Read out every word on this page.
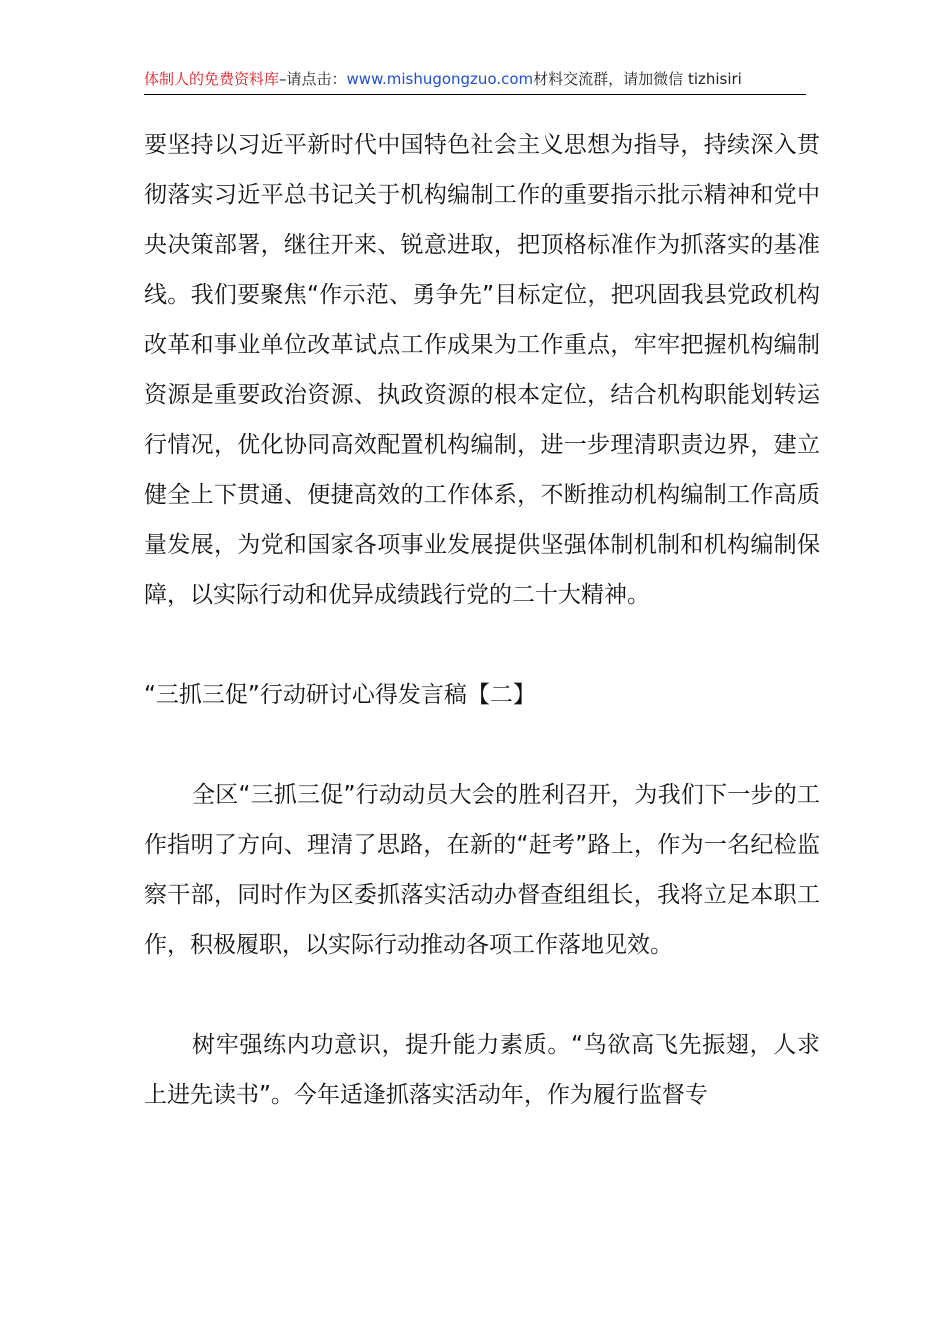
体制人的免费资料库–请点击：www.mishugongzuo.com材料交流群，请加微信 tizhisiri

要坚持以习近平新时代中国特色社会主义思想为指导，持续深入贯彻落实习近平总书记关于机构编制工作的重要指示批示精神和党中央决策部署，继往开来、锐意进取，把顶格标准作为抓落实的基准线。我们要聚焦“作示范、勇争先”目标定位，把巩固我县党政机构改革和事业单位改革试点工作成果为工作重点，牢牢把握机构编制资源是重要政治资源、执政资源的根本定位，结合机构职能划转运行情况，优化协同高效配置机构编制，进一步理清职责边界，建立健全上下贯通、便捷高效的工作体系，不断推动机构编制工作高质量发展，为党和国家各项事业发展提供坚强体制机制和机构编制保障，以实际行动和优异成绩践行党的二十大精神。

“三抓三促”行动研讨心得发言稿【二】

全区“三抓三促”行动动员大会的胜利召开，为我们下一步的工作指明了方向、理清了思路，在新的“赶考”路上，作为一名纪检监察干部，同时作为区委抓落实活动办督查组组长，我将立足本职工作，积极履职，以实际行动推动各项工作落地见效。

树牢强练内功意识，提升能力素质。“鸟欲高飞先振翅，人求上进先读书”。今年适逢抓落实活动年，作为履行监督专
